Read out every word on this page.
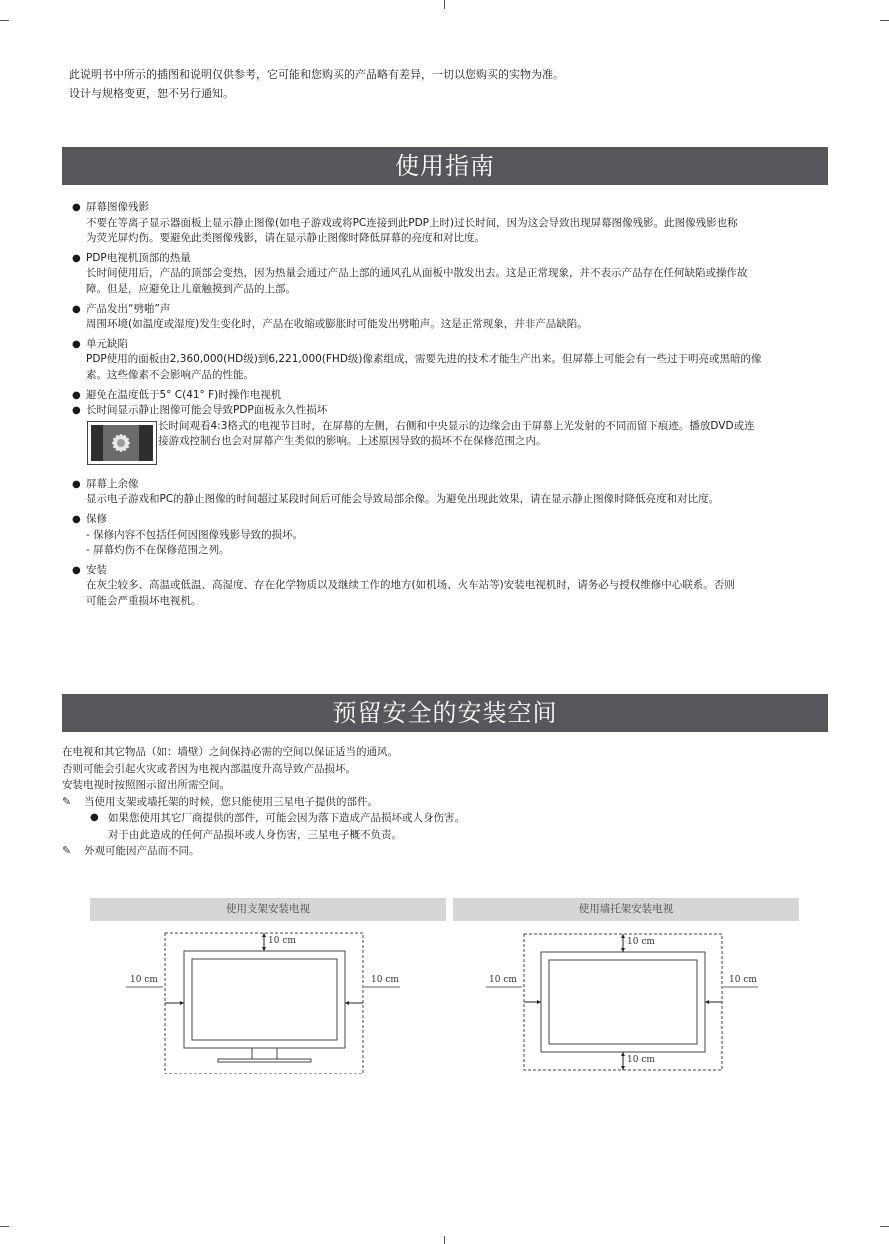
此说明书中所示的插图和说明仅供参考，它可能和您购买的产品略有差异，一切以您购买的实物为准。
设计与规格变更，恕不另行通知。
使用指南
● 屏幕图像残影
不要在等离子显示器面板上显示静止图像(如电子游戏或将PC连接到此PDP上时)过长时间，因为这会导致出现屏幕图像残影。此图像残影也称
为荧光屏灼伤。要避免此类图像残影，请在显示静止图像时降低屏幕的亮度和对比度。
● PDP电视机顶部的热量
长时间使用后，产品的顶部会变热，因为热量会通过产品上部的通风孔从面板中散发出去。这是正常现象，并不表示产品存在任何缺陷或操作故
障。但是，应避免让儿童触摸到产品的上部。
● 产品发出“劈啪”声
周围环境(如温度或湿度)发生变化时，产品在收缩或膨胀时可能发出劈啪声。这是正常现象，并非产品缺陷。
● 单元缺陷
PDP使用的面板由2,360,000(HD级)到6,221,000(FHD级)像素组成，需要先进的技术才能生产出来。但屏幕上可能会有一些过于明亮或黑暗的像
素。这些像素不会影响产品的性能。
● 避免在温度低于5° C(41° F)时操作电视机
● 长时间显示静止图像可能会导致PDP面板永久性损坏
长时间观看4:3格式的电视节目时，在屏幕的左侧，右侧和中央显示的边缘会由于屏幕上光发射的不同而留下痕迹。播放DVD或连
接游戏控制台也会对屏幕产生类似的影响。上述原因导致的损坏不在保修范围之内。
● 屏幕上余像
显示电子游戏和PC的静止图像的时间超过某段时间后可能会导致局部余像。为避免出现此效果，请在显示静止图像时降低亮度和对比度。
● 保修
- 保修内容不包括任何因图像残影导致的损坏。
- 屏幕灼伤不在保修范围之列。
● 安装
在灰尘较多、高温或低温、高湿度、存在化学物质以及继续工作的地方(如机场、火车站等)安装电视机时，请务必与授权维修中心联系。否则
可能会严重损坏电视机。
预留安全的安装空间
在电视和其它物品（如：墙壁）之间保持必需的空间以保证适当的通风。
否则可能会引起火灾或者因为电视内部温度升高导致产品损坏。
安装电视时按照图示留出所需空间。
✎ 当使用支架或墙托架的时候，您只能使用三星电子提供的部件。
● 如果您使用其它厂商提供的部件，可能会因为落下造成产品损坏或人身伤害。
对于由此造成的任何产品损坏或人身伤害，三星电子概不负责。
✎ 外观可能因产品而不同。
使用支架安装电视	使用墙托架安装电视
10 cm
10 cm	10 cm
10 cm
10 cm	10 cm
10 cm
